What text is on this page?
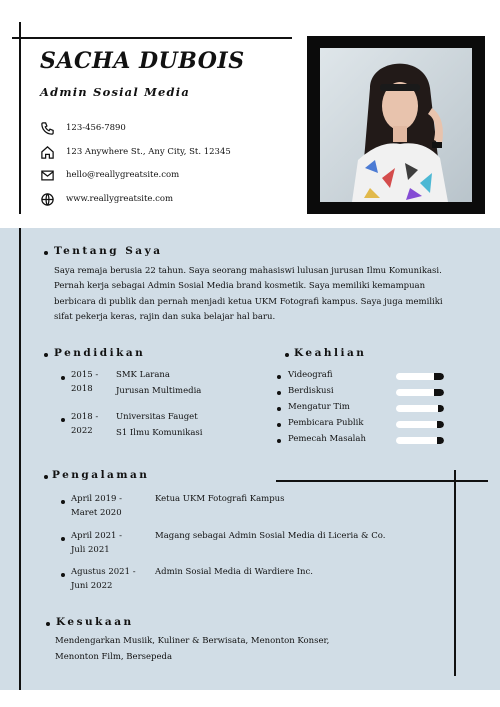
SACHA DUBOIS
Admin Sosial Media
123-456-7890
123 Anywhere St., Any City, St. 12345
hello@reallygreatsite.com
www.reallygreatsite.com
Tentang Saya
Saya remaja berusia 22 tahun. Saya seorang mahasiswi lulusan jurusan Ilmu Komunikasi. Pernah kerja sebagai Admin Sosial Media brand kosmetik. Saya memiliki kemampuan berbicara di publik dan pernah menjadi ketua UKM Fotografi kampus. Saya juga memiliki sifat pekerja keras, rajin dan suka belajar hal baru.
Pendidikan
2015 -
2018
SMK Larana
Jurusan Multimedia
2018 -
2022
Universitas Fauget
S1 Ilmu Komunikasi
Keahlian
Videografi
Berdiskusi
Mengatur Tim
Pembicara Publik
Pemecah Masalah
Pengalaman
April 2019 -
Maret 2020
Ketua UKM Fotografi Kampus
April 2021 -
Juli 2021
Magang sebagai Admin Sosial Media di Liceria & Co.
Agustus 2021 -
Juni 2022
Admin Sosial Media di Wardiere Inc.
Kesukaan
Mendengarkan Musiik, Kuliner & Berwisata, Menonton Konser,
Menonton Film, Bersepeda
